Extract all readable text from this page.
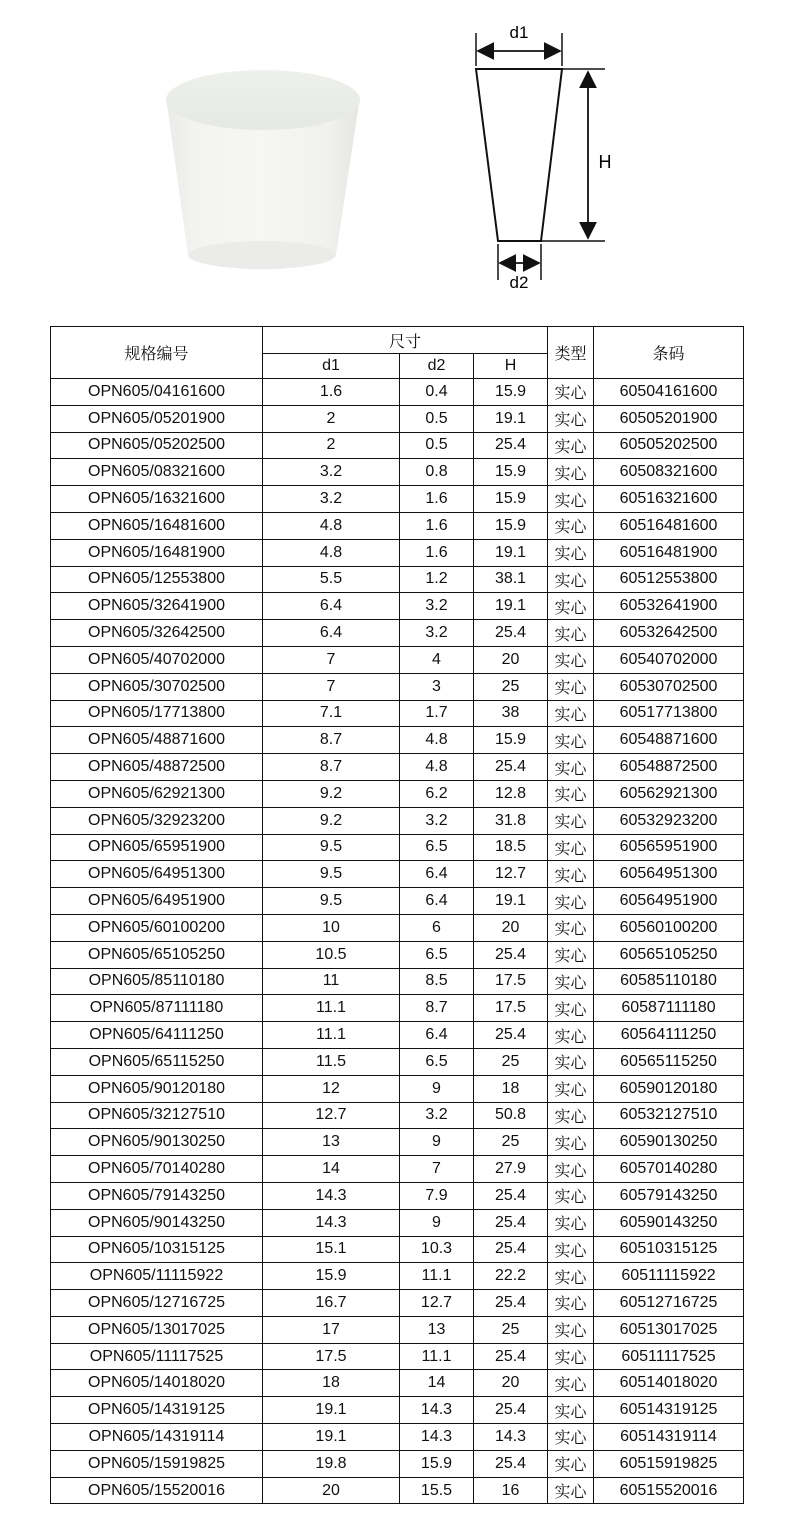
d1
H
d2
规格编号	尺寸			类型	条码
	d1	d2	H		
OPN605/04161600	1.6	0.4	15.9	实心	60504161600
OPN605/05201900	2	0.5	19.1	实心	60505201900
OPN605/05202500	2	0.5	25.4	实心	60505202500
OPN605/08321600	3.2	0.8	15.9	实心	60508321600
OPN605/16321600	3.2	1.6	15.9	实心	60516321600
OPN605/16481600	4.8	1.6	15.9	实心	60516481600
OPN605/16481900	4.8	1.6	19.1	实心	60516481900
OPN605/12553800	5.5	1.2	38.1	实心	60512553800
OPN605/32641900	6.4	3.2	19.1	实心	60532641900
OPN605/32642500	6.4	3.2	25.4	实心	60532642500
OPN605/40702000	7	4	20	实心	60540702000
OPN605/30702500	7	3	25	实心	60530702500
OPN605/17713800	7.1	1.7	38	实心	60517713800
OPN605/48871600	8.7	4.8	15.9	实心	60548871600
OPN605/48872500	8.7	4.8	25.4	实心	60548872500
OPN605/62921300	9.2	6.2	12.8	实心	60562921300
OPN605/32923200	9.2	3.2	31.8	实心	60532923200
OPN605/65951900	9.5	6.5	18.5	实心	60565951900
OPN605/64951300	9.5	6.4	12.7	实心	60564951300
OPN605/64951900	9.5	6.4	19.1	实心	60564951900
OPN605/60100200	10	6	20	实心	60560100200
OPN605/65105250	10.5	6.5	25.4	实心	60565105250
OPN605/85110180	11	8.5	17.5	实心	60585110180
OPN605/87111180	11.1	8.7	17.5	实心	60587111180
OPN605/64111250	11.1	6.4	25.4	实心	60564111250
OPN605/65115250	11.5	6.5	25	实心	60565115250
OPN605/90120180	12	9	18	实心	60590120180
OPN605/32127510	12.7	3.2	50.8	实心	60532127510
OPN605/90130250	13	9	25	实心	60590130250
OPN605/70140280	14	7	27.9	实心	60570140280
OPN605/79143250	14.3	7.9	25.4	实心	60579143250
OPN605/90143250	14.3	9	25.4	实心	60590143250
OPN605/10315125	15.1	10.3	25.4	实心	60510315125
OPN605/11115922	15.9	11.1	22.2	实心	60511115922
OPN605/12716725	16.7	12.7	25.4	实心	60512716725
OPN605/13017025	17	13	25	实心	60513017025
OPN605/11117525	17.5	11.1	25.4	实心	60511117525
OPN605/14018020	18	14	20	实心	60514018020
OPN605/14319125	19.1	14.3	25.4	实心	60514319125
OPN605/14319114	19.1	14.3	14.3	实心	60514319114
OPN605/15919825	19.8	15.9	25.4	实心	60515919825
OPN605/15520016	20	15.5	16	实心	60515520016
